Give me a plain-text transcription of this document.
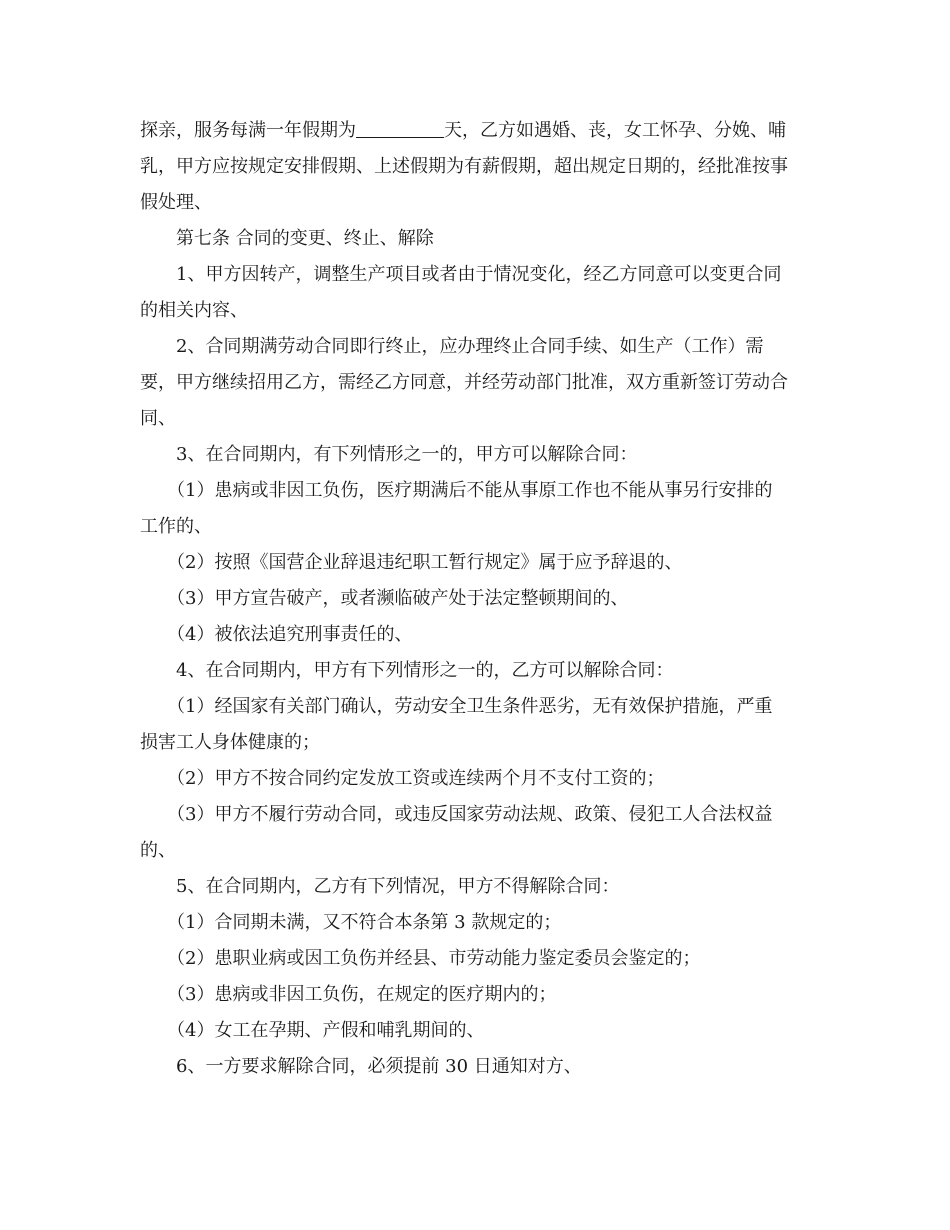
探亲，服务每满一年假期为	天，乙方如遇婚、丧，女工怀孕、分娩、哺

乳，甲方应按规定安排假期、上述假期为有薪假期，超出规定日期的，经批准按事

假处理、

第七条 合同的变更、终止、解除

1、甲方因转产，调整生产项目或者由于情况变化，经乙方同意可以变更合同

的相关内容、

2、合同期满劳动合同即行终止，应办理终止合同手续、如生产（工作）需

要，甲方继续招用乙方，需经乙方同意，并经劳动部门批准，双方重新签订劳动合

同、

3、在合同期内，有下列情形之一的，甲方可以解除合同：

（1）患病或非因工负伤，医疗期满后不能从事原工作也不能从事另行安排的

工作的、

（2）按照《国营企业辞退违纪职工暂行规定》属于应予辞退的、

（3）甲方宣告破产，或者濒临破产处于法定整顿期间的、

（4）被依法追究刑事责任的、

4、在合同期内，甲方有下列情形之一的，乙方可以解除合同：

（1）经国家有关部门确认，劳动安全卫生条件恶劣，无有效保护措施，严重

损害工人身体健康的；

（2）甲方不按合同约定发放工资或连续两个月不支付工资的；

（3）甲方不履行劳动合同，或违反国家劳动法规、政策、侵犯工人合法权益

的、

5、在合同期内，乙方有下列情况，甲方不得解除合同：

（1）合同期未满，又不符合本条第 3 款规定的；

（2）患职业病或因工负伤并经县、市劳动能力鉴定委员会鉴定的；

（3）患病或非因工负伤，在规定的医疗期内的；

（4）女工在孕期、产假和哺乳期间的、

6、一方要求解除合同，必须提前 30 日通知对方、
